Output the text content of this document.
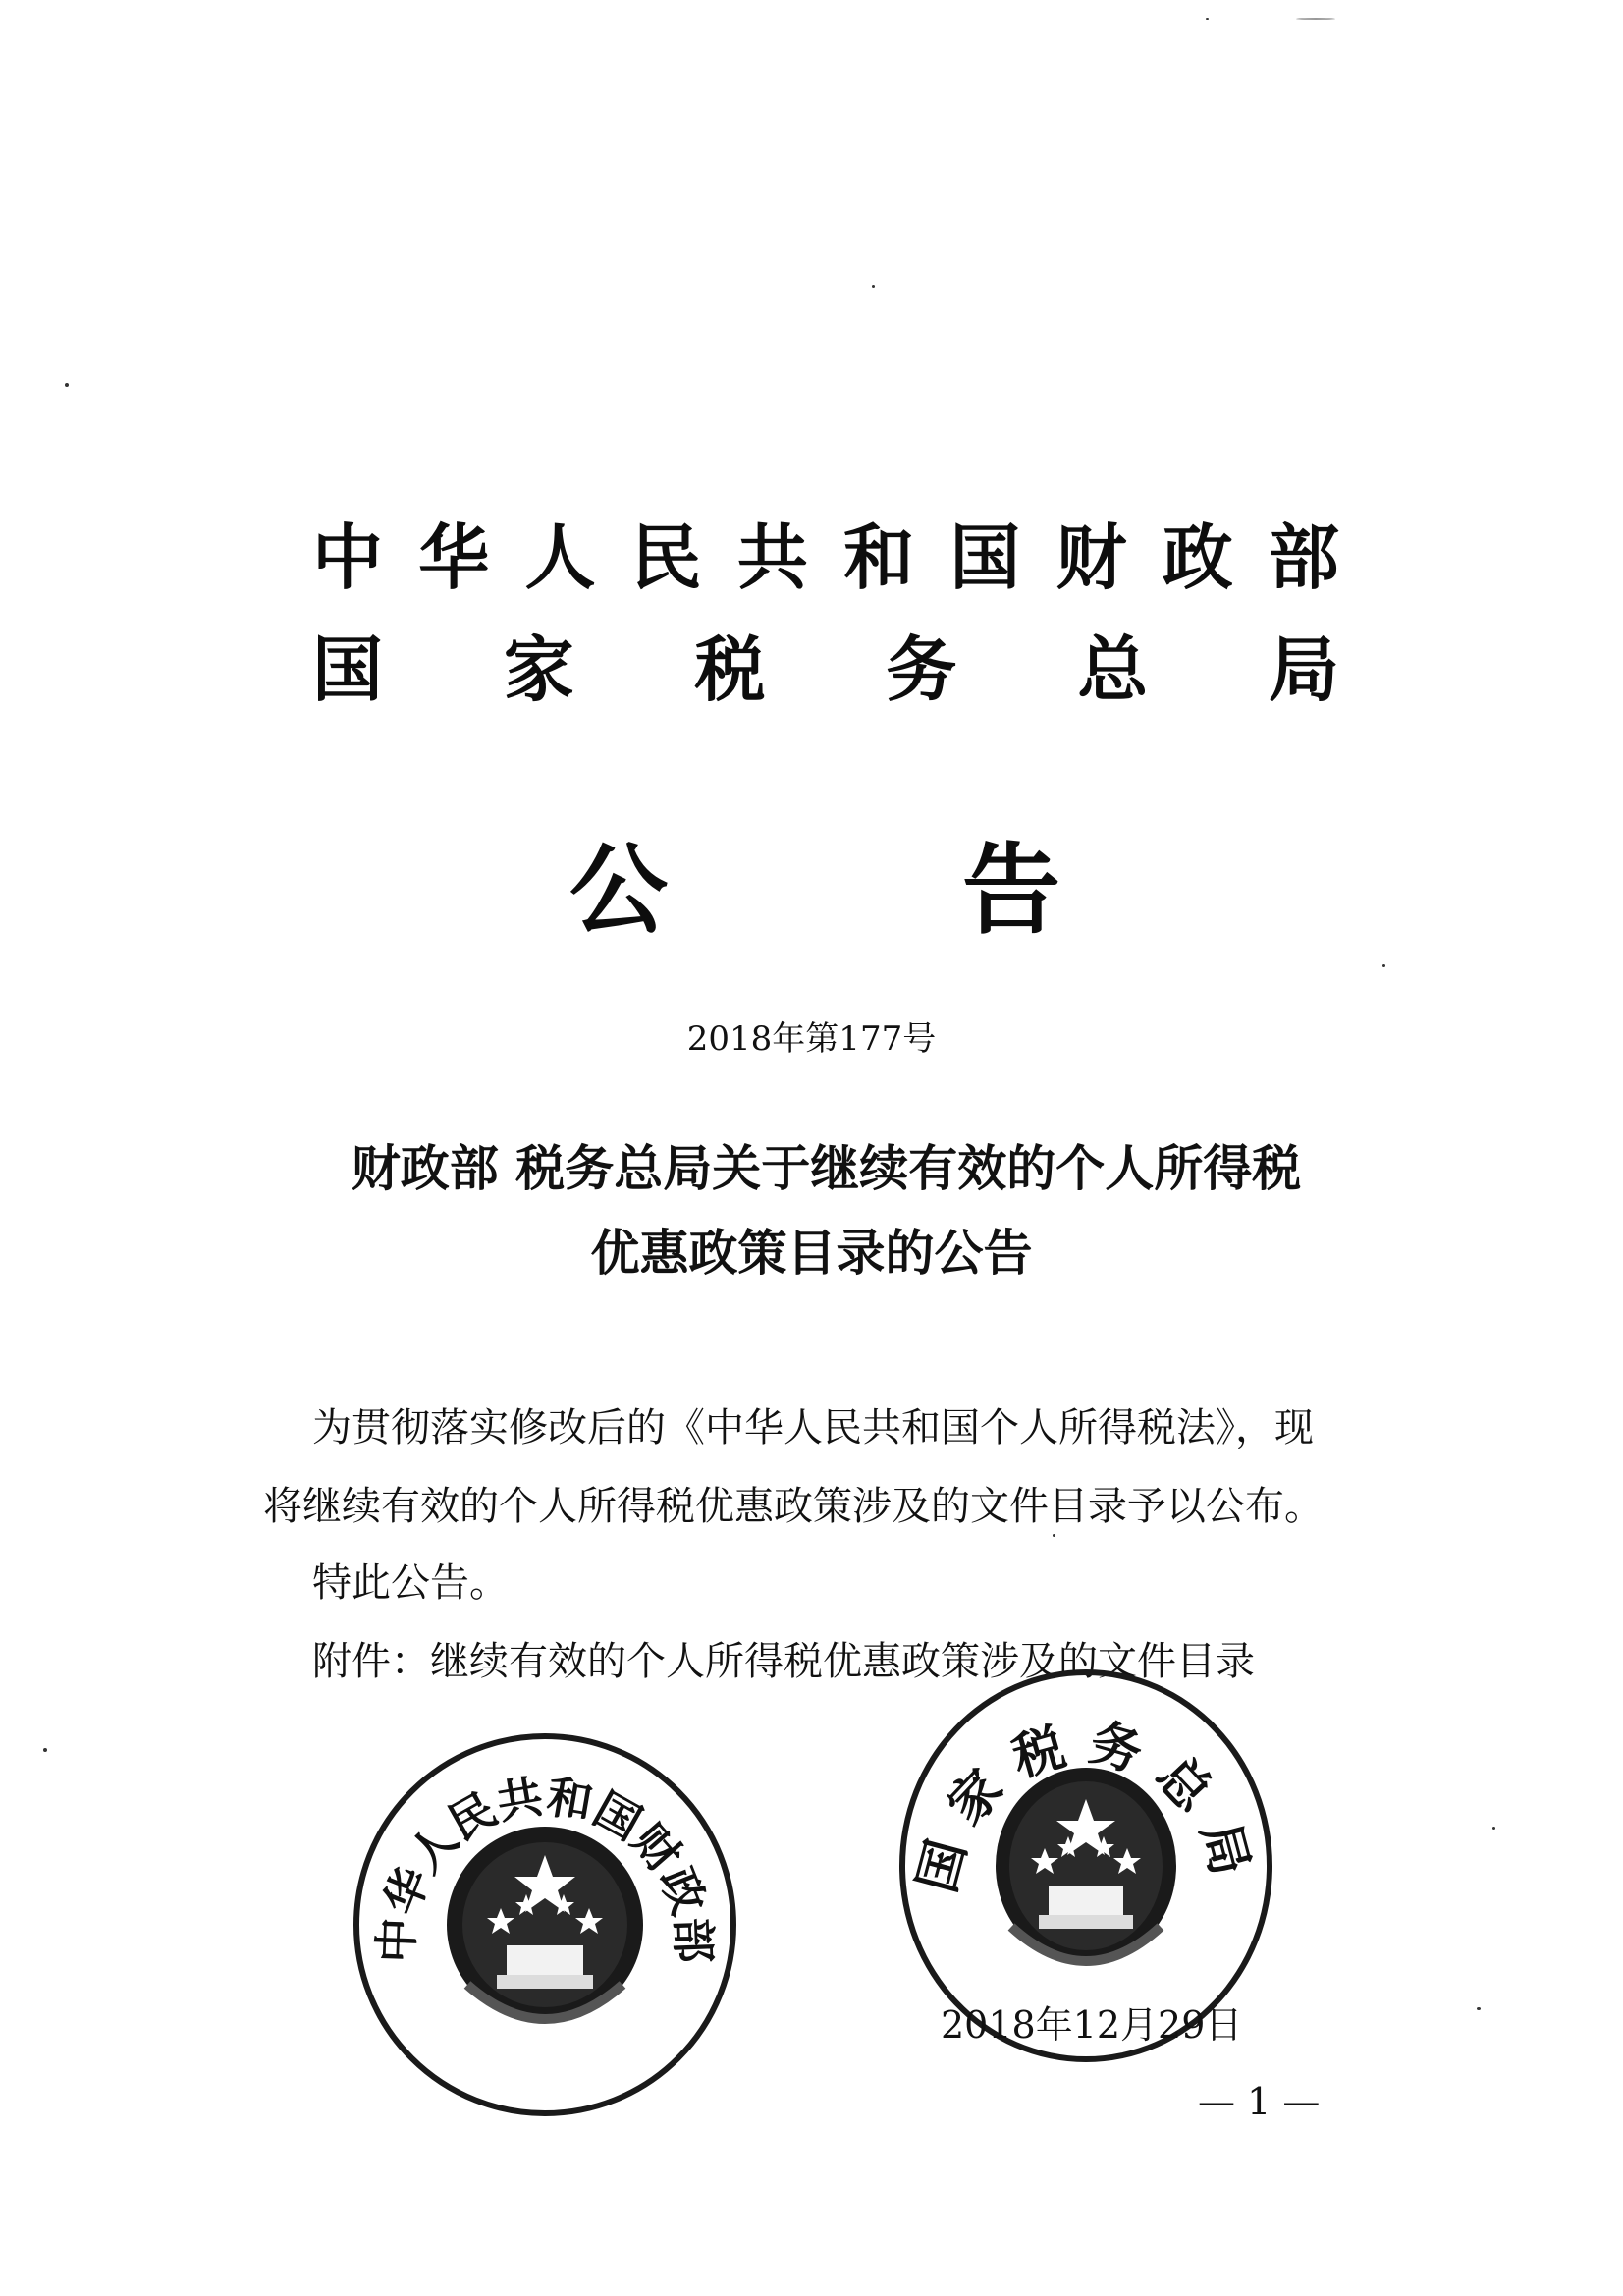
中 华 人 民 共 和 国 财 政 部
国 家 税 务 总 局
公	告
2018年第177号
财政部 税务总局关于继续有效的个人所得税
优惠政策目录的公告
为贯彻落实修改后的《中华人民共和国个人所得税法》，现
将继续有效的个人所得税优惠政策涉及的文件目录予以公布。
特此公告。
附件：继续有效的个人所得税优惠政策涉及的文件目录
中华人民共和国财政部
国家税务总局
2018年12月29日
— 1 —
